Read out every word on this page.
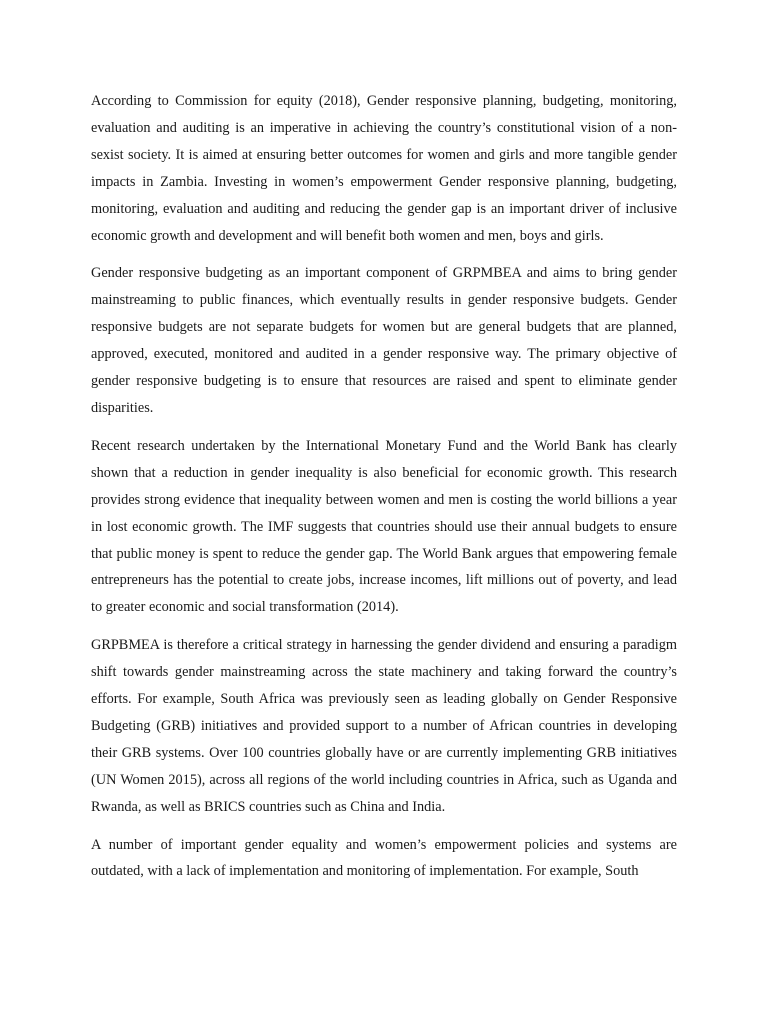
According to Commission for equity (2018), Gender responsive planning, budgeting, monitoring, evaluation and auditing is an imperative in achieving the country’s constitutional vision of a non-sexist society. It is aimed at ensuring better outcomes for women and girls and more tangible gender impacts in Zambia. Investing in women’s empowerment Gender responsive planning, budgeting, monitoring, evaluation and auditing and reducing the gender gap is an important driver of inclusive economic growth and development and will benefit both women and men, boys and girls.

Gender responsive budgeting as an important component of GRPMBEA and aims to bring gender mainstreaming to public finances, which eventually results in gender responsive budgets. Gender responsive budgets are not separate budgets for women but are general budgets that are planned, approved, executed, monitored and audited in a gender responsive way. The primary objective of gender responsive budgeting is to ensure that resources are raised and spent to eliminate gender disparities.

Recent research undertaken by the International Monetary Fund and the World Bank has clearly shown that a reduction in gender inequality is also beneficial for economic growth. This research provides strong evidence that inequality between women and men is costing the world billions a year in lost economic growth. The IMF suggests that countries should use their annual budgets to ensure that public money is spent to reduce the gender gap. The World Bank argues that empowering female entrepreneurs has the potential to create jobs, increase incomes, lift millions out of poverty, and lead to greater economic and social transformation (2014).

GRPBMEA is therefore a critical strategy in harnessing the gender dividend and ensuring a paradigm shift towards gender mainstreaming across the state machinery and taking forward the country’s efforts. For example, South Africa was previously seen as leading globally on Gender Responsive Budgeting (GRB) initiatives and provided support to a number of African countries in developing their GRB systems. Over 100 countries globally have or are currently implementing GRB initiatives (UN Women 2015), across all regions of the world including countries in Africa, such as Uganda and Rwanda, as well as BRICS countries such as China and India.

A number of important gender equality and women’s empowerment policies and systems are outdated, with a lack of implementation and monitoring of implementation. For example, South
